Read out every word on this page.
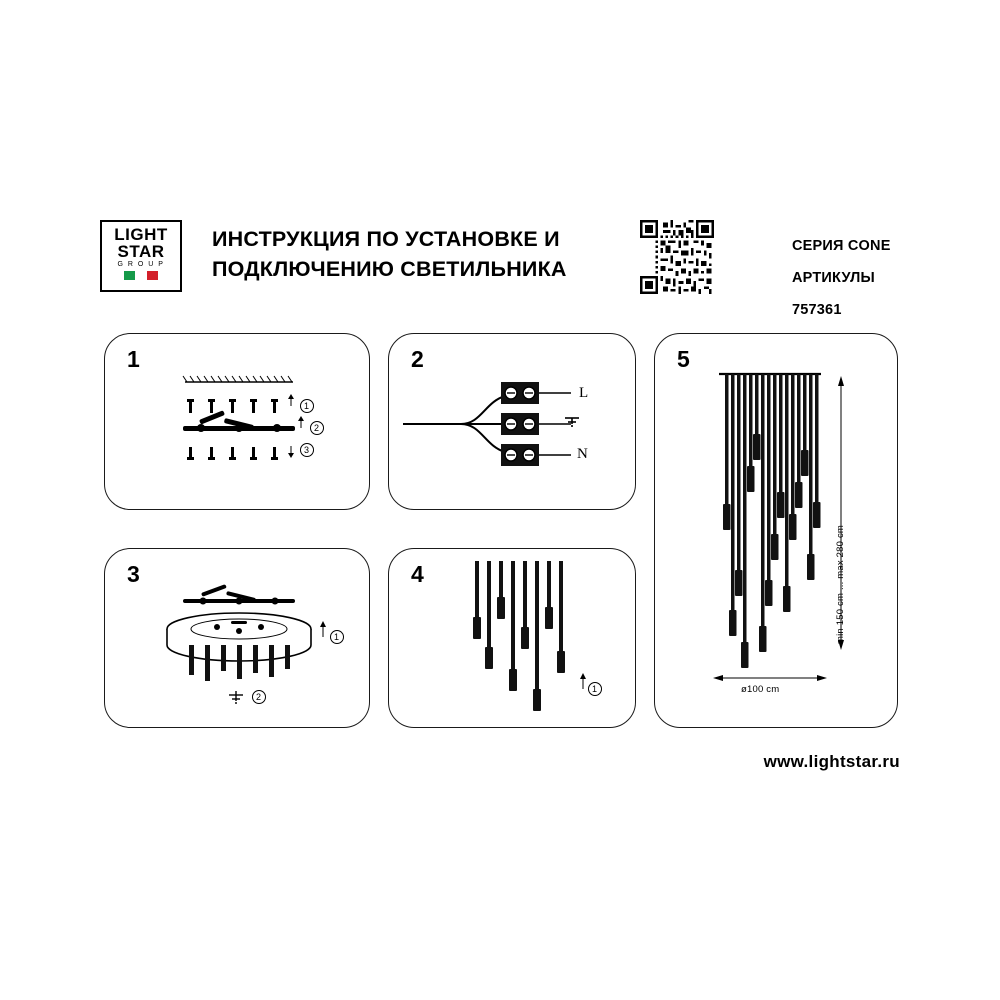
LIGHT
STAR
G R O U P
ИНСТРУКЦИЯ ПО УСТАНОВКЕ И
ПОДКЛЮЧЕНИЮ СВЕТИЛЬНИКА
СЕРИЯ CONE
АРТИКУЛЫ 757361
1
1
2
3
2
L
N
3
1
2
4
1
5
min 150 cm ... max 280 cm
ø100 cm
www.lightstar.ru
